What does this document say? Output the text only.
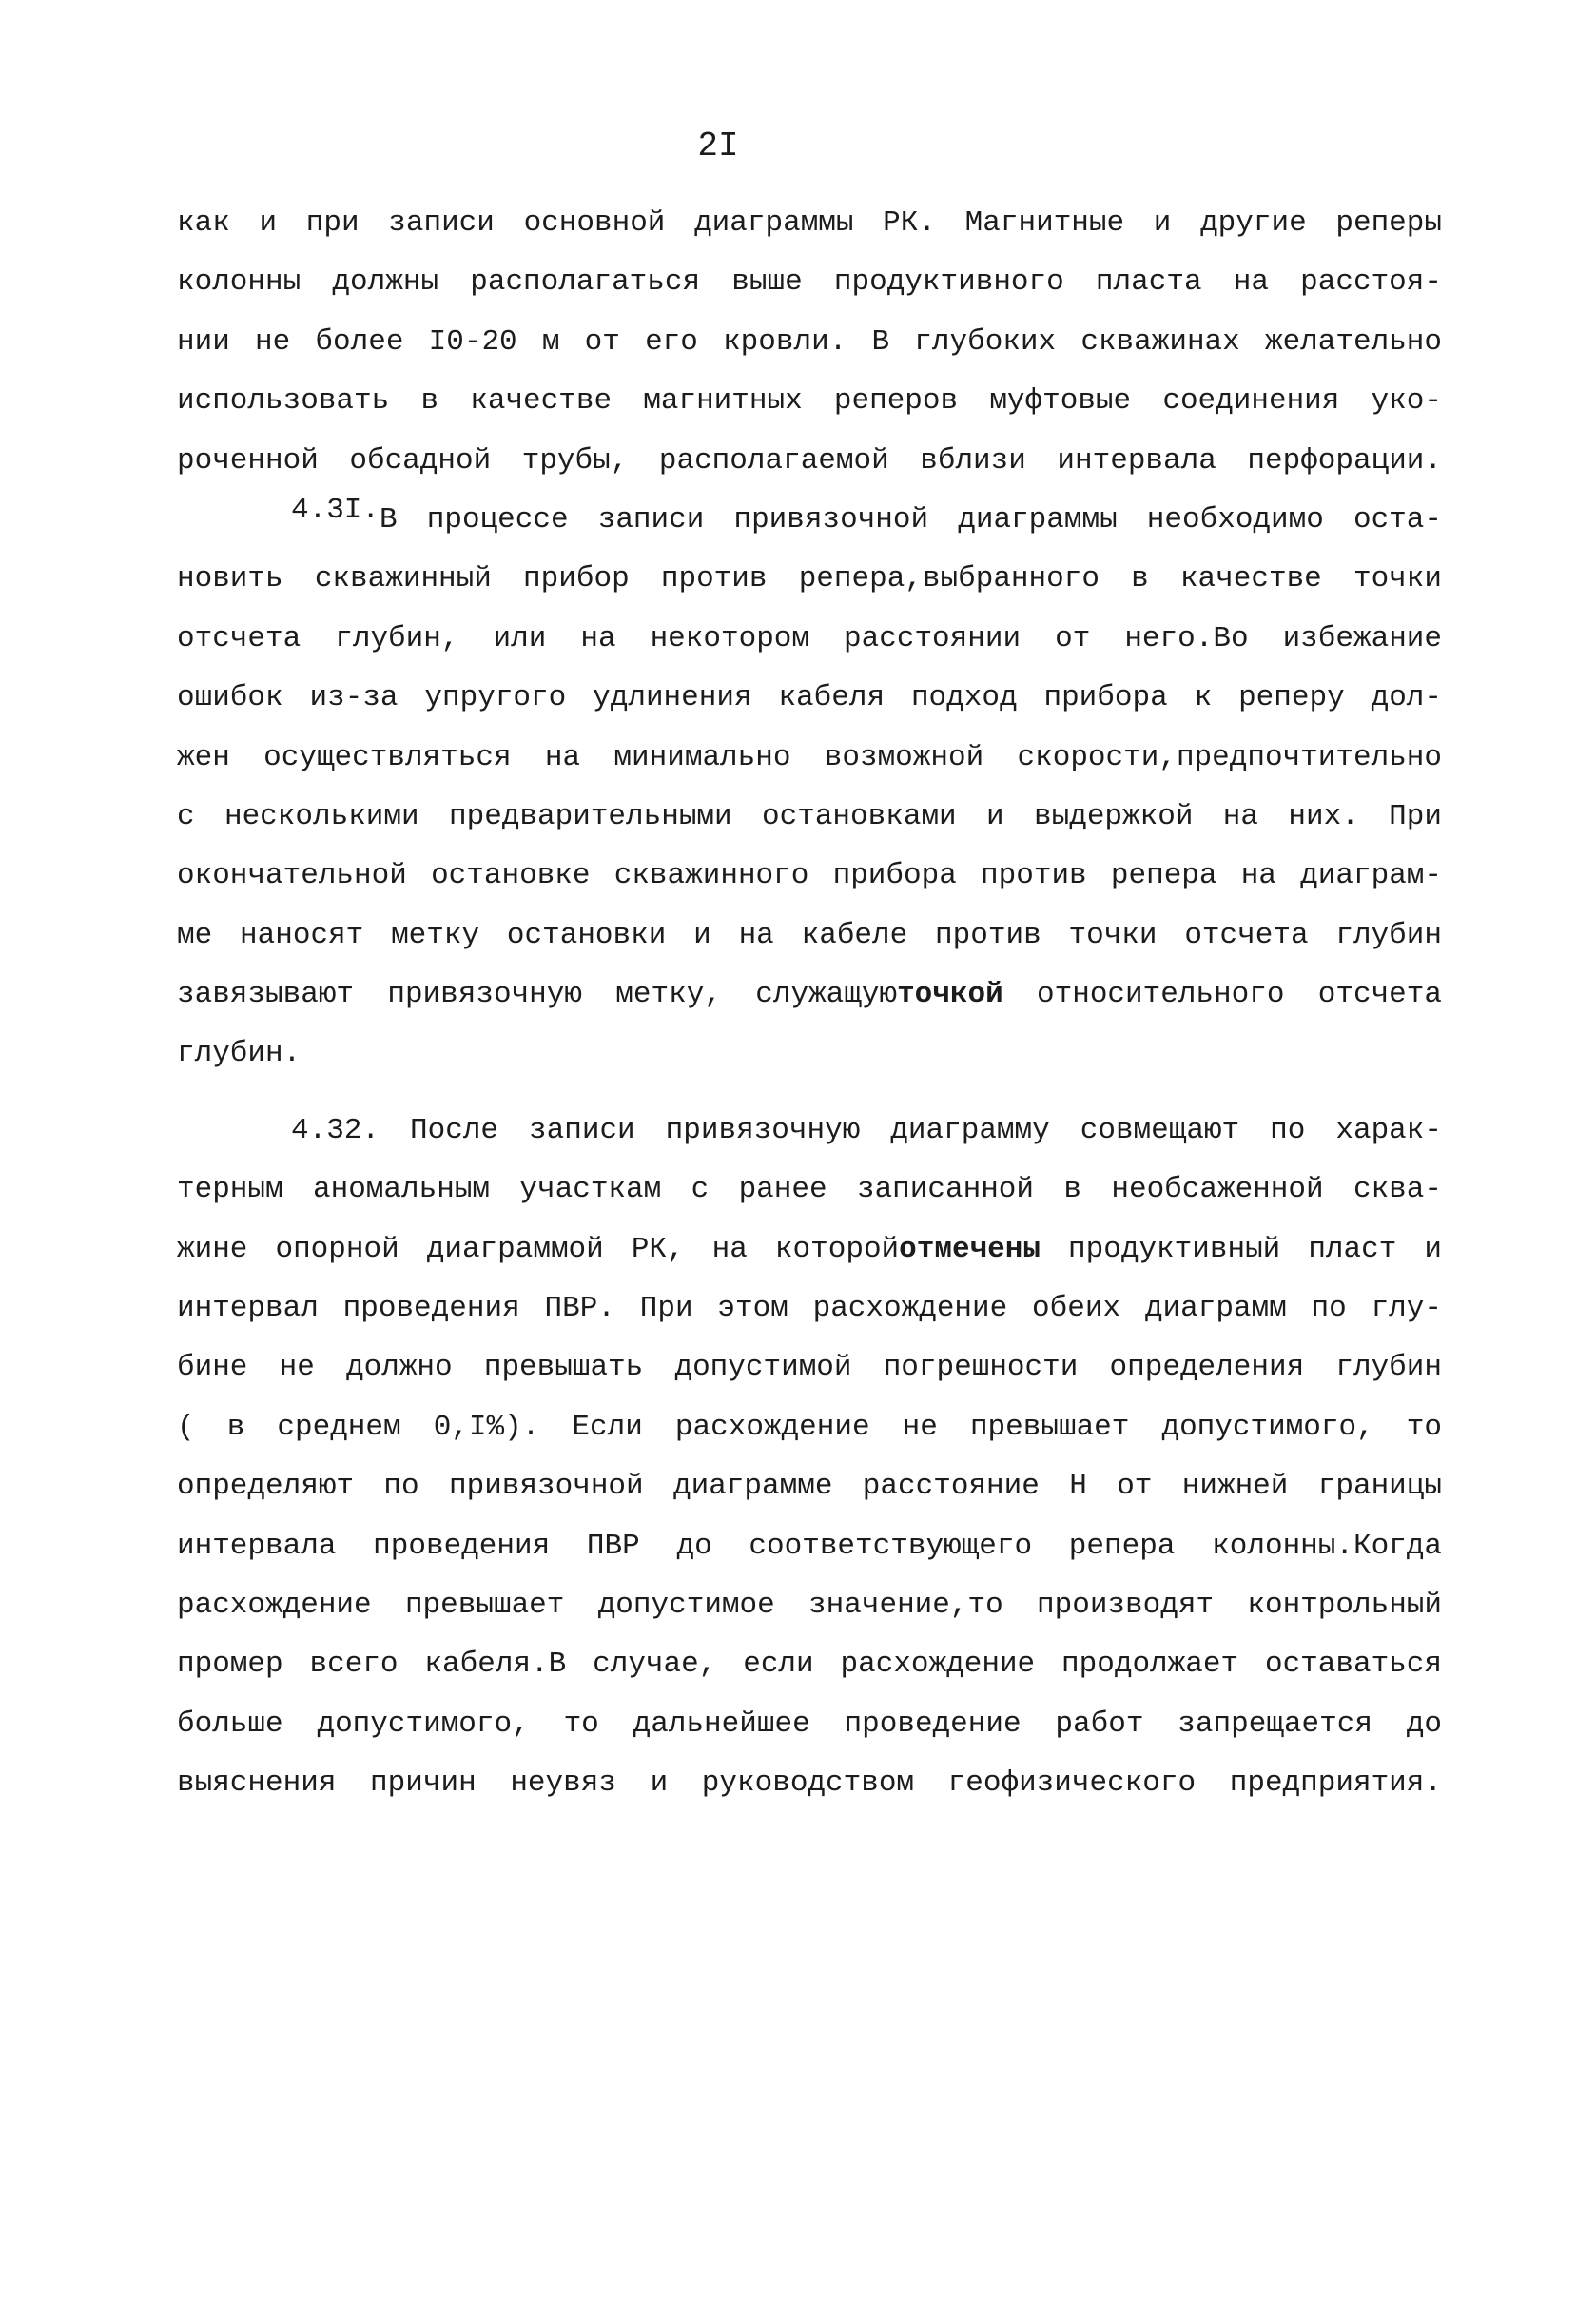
2I
как и при записи основной диаграммы РК. Магнитные и другие реперы
колонны должны располагаться выше продуктивного пласта на расстоя-
нии не более I0-20 м от его кровли. В глубоких скважинах желательно
использовать в качестве магнитных реперов муфтовые соединения уко-
роченной обсадной трубы, располагаемой вблизи интервала перфорации.
4.3I.В процессе записи привязочной диаграммы необходимо оста-
новить скважинный прибор против репера,выбранного в качестве точки
отсчета глубин, или на некотором расстоянии от него.Во избежание
ошибок из-за упругого удлинения кабеля подход прибора к реперу дол-
жен осуществляться на минимально возможной скорости,предпочтительно
с несколькими предварительными остановками и выдержкой на них. При
окончательной остановке скважинного прибора против репера на диаграм-
ме наносят метку остановки и на кабеле против точки отсчета глубин
завязывают привязочную метку, служащуюточкой относительного отсчета
глубин.
4.32. После записи привязочную диаграмму совмещают по харак-
терным аномальным участкам с ранее записанной в необсаженной сква-
жине опорной диаграммой РК, на которойотмечены продуктивный пласт и
интервал проведения ПВР. При этом расхождение обеих диаграмм по глу-
бине не должно превышать допустимой погрешности определения глубин
( в среднем 0,I%). Если расхождение не превышает допустимого, то
определяют по привязочной диаграмме расстояние Н от нижней границы
интервала проведения ПВР до соответствующего репера колонны.Когда
расхождение превышает допустимое значение,то производят контрольный
промер всего кабеля.В случае, если расхождение продолжает оставаться
больше допустимого, то дальнейшее проведение работ запрещается до
выяснения причин неувяз и руководством геофизического предприятия.
